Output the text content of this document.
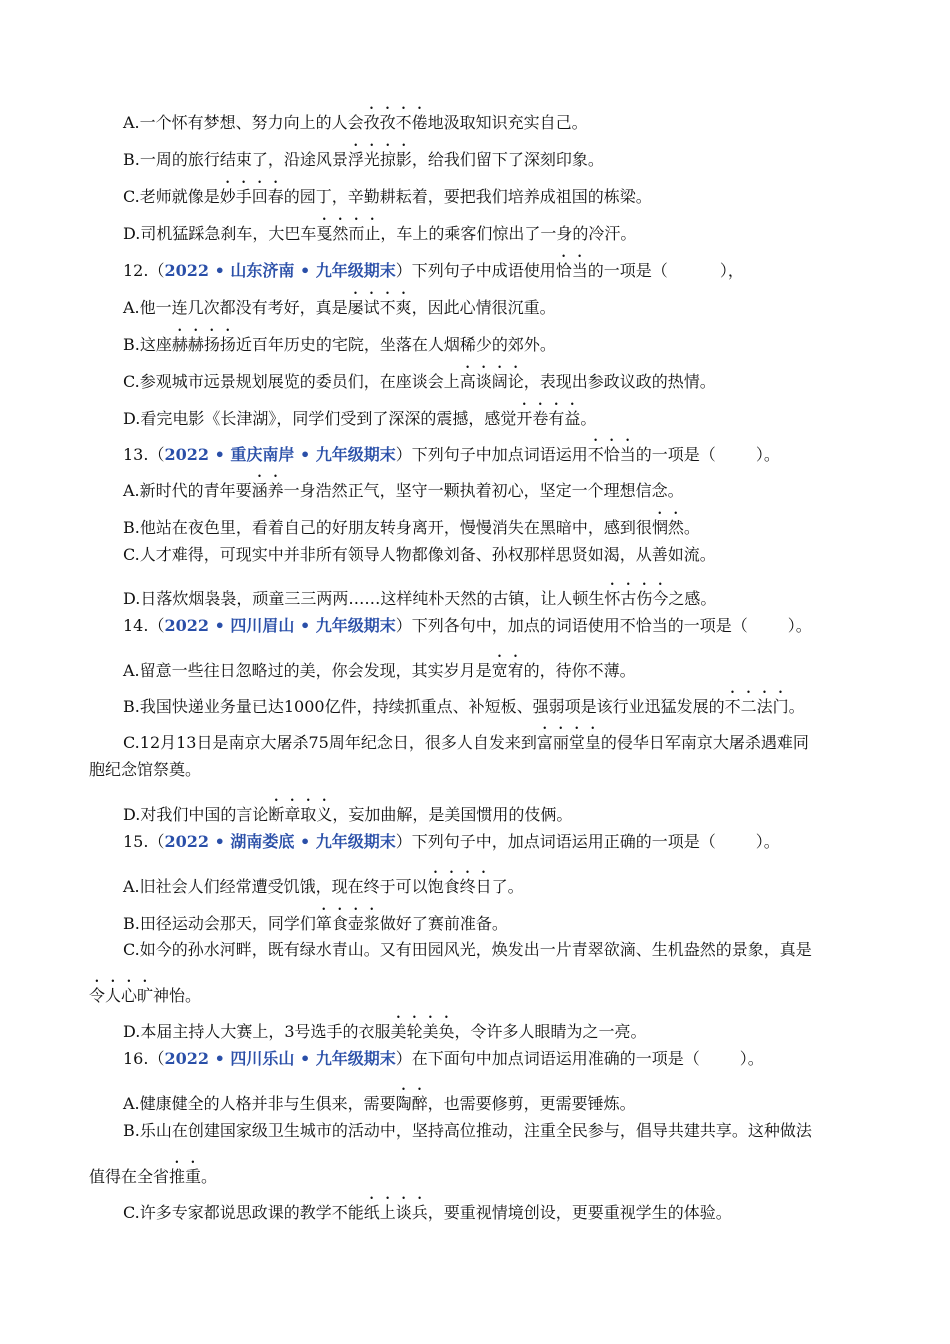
A.一个怀有梦想、努力向上的人会孜孜不倦地汲取知识充实自己。
B.一周的旅行结束了，沿途风景浮光掠影，给我们留下了深刻印象。
C.老师就像是妙手回春的园丁，辛勤耕耘着，要把我们培养成祖国的栋梁。
D.司机猛踩急刹车，大巴车戛然而止，车上的乘客们惊出了一身的冷汗。
12.（2022 • 山东济南 • 九年级期末）下列句子中成语使用恰当的一项是（	），
A.他一连几次都没有考好，真是屡试不爽，因此心情很沉重。
B.这座赫赫扬扬近百年历史的宅院，坐落在人烟稀少的郊外。
C.参观城市远景规划展览的委员们，在座谈会上高谈阔论，表现出参政议政的热情。
D.看完电影《长津湖》，同学们受到了深深的震撼，感觉开卷有益。
13.（2022 • 重庆南岸 • 九年级期末）下列句子中加点词语运用不恰当的一项是（	）。
A.新时代的青年要涵养一身浩然正气，坚守一颗执着初心，坚定一个理想信念。
B.他站在夜色里，看着自己的好朋友转身离开，慢慢消失在黑暗中，感到很惘然。
C.人才难得，可现实中并非所有领导人物都像刘备、孙权那样思贤如渴，从善如流。
D.日落炊烟袅袅，顽童三三两两……这样纯朴天然的古镇，让人顿生怀古伤今之感。
14.（2022 • 四川眉山 • 九年级期末）下列各句中，加点的词语使用不恰当的一项是（	）。
A.留意一些往日忽略过的美，你会发现，其实岁月是宽宥的，待你不薄。
B.我国快递业务量已达1000亿件，持续抓重点、补短板、强弱项是该行业迅猛发展的不二法门。
C.12月13日是南京大屠杀75周年纪念日，很多人自发来到富丽堂皇的侵华日军南京大屠杀遇难同
胞纪念馆祭奠。
D.对我们中国的言论断章取义，妄加曲解，是美国惯用的伎俩。
15.（2022 • 湖南娄底 • 九年级期末）下列句子中，加点词语运用正确的一项是（	）。
A.旧社会人们经常遭受饥饿，现在终于可以饱食终日了。
B.田径运动会那天，同学们箪食壶浆做好了赛前准备。
C.如今的孙水河畔，既有绿水青山。又有田园风光，焕发出一片青翠欲滴、生机盎然的景象，真是
令人心旷神怡。
D.本届主持人大赛上，3号选手的衣服美轮美奂，令许多人眼睛为之一亮。
16.（2022 • 四川乐山 • 九年级期末）在下面句中加点词语运用准确的一项是（	）。
A.健康健全的人格并非与生俱来，需要陶醉，也需要修剪，更需要锤炼。
B.乐山在创建国家级卫生城市的活动中，坚持高位推动，注重全民参与，倡导共建共享。这种做法
值得在全省推重。
C.许多专家都说思政课的教学不能纸上谈兵，要重视情境创设，更要重视学生的体验。
